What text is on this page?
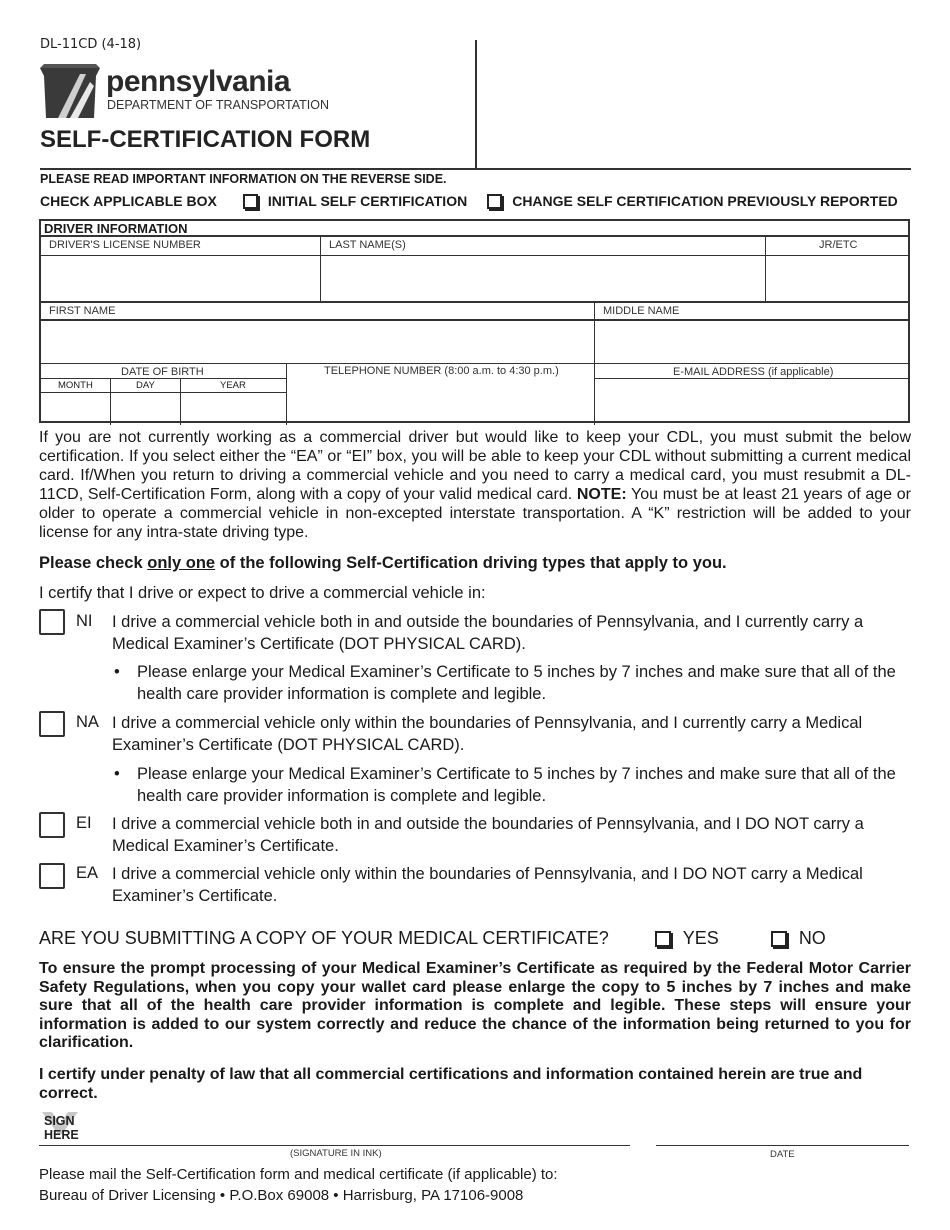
DL-11CD (4-18)
pennsylvania
DEPARTMENT OF TRANSPORTATION
SELF-CERTIFICATION FORM
PLEASE READ IMPORTANT INFORMATION ON THE REVERSE SIDE.
CHECK APPLICABLE BOX	INITIAL SELF CERTIFICATION	CHANGE SELF CERTIFICATION PREVIOUSLY REPORTED
DRIVER INFORMATION
DRIVER'S LICENSE NUMBER	LAST NAME(S)	JR/ETC
FIRST NAME	MIDDLE NAME
DATE OF BIRTH	TELEPHONE NUMBER (8:00 a.m. to 4:30 p.m.)	E-MAIL ADDRESS (if applicable)
MONTH	DAY	YEAR
If you are not currently working as a commercial driver but would like to keep your CDL, you must submit the below certification. If you select either the “EA” or “EI” box, you will be able to keep your CDL without submitting a current medical card. If/When you return to driving a commercial vehicle and you need to carry a medical card, you must resubmit a DL-11CD, Self-Certification Form, along with a copy of your valid medical card. NOTE: You must be at least 21 years of age or older to operate a commercial vehicle in non-excepted interstate transportation. A “K” restriction will be added to your license for any intra-state driving type.
Please check only one of the following Self-Certification driving types that apply to you.
I certify that I drive or expect to drive a commercial vehicle in:
NI I drive a commercial vehicle both in and outside the boundaries of Pennsylvania, and I currently carry a Medical Examiner’s Certificate (DOT PHYSICAL CARD).
• Please enlarge your Medical Examiner’s Certificate to 5 inches by 7 inches and make sure that all of the health care provider information is complete and legible.
NA I drive a commercial vehicle only within the boundaries of Pennsylvania, and I currently carry a Medical Examiner’s Certificate (DOT PHYSICAL CARD).
• Please enlarge your Medical Examiner’s Certificate to 5 inches by 7 inches and make sure that all of the health care provider information is complete and legible.
EI I drive a commercial vehicle both in and outside the boundaries of Pennsylvania, and I DO NOT carry a Medical Examiner’s Certificate.
EA I drive a commercial vehicle only within the boundaries of Pennsylvania, and I DO NOT carry a Medical Examiner’s Certificate.
ARE YOU SUBMITTING A COPY OF YOUR MEDICAL CERTIFICATE?	YES	NO
To ensure the prompt processing of your Medical Examiner’s Certificate as required by the Federal Motor Carrier Safety Regulations, when you copy your wallet card please enlarge the copy to 5 inches by 7 inches and make sure that all of the health care provider information is complete and legible. These steps will ensure your information is added to our system correctly and reduce the chance of the information being returned to you for clarification.
I certify under penalty of law that all commercial certifications and information contained herein are true and correct.
SIGN
HERE
(SIGNATURE IN INK)	DATE
Please mail the Self-Certification form and medical certificate (if applicable) to:
Bureau of Driver Licensing • P.O.Box 69008 • Harrisburg, PA 17106-9008
